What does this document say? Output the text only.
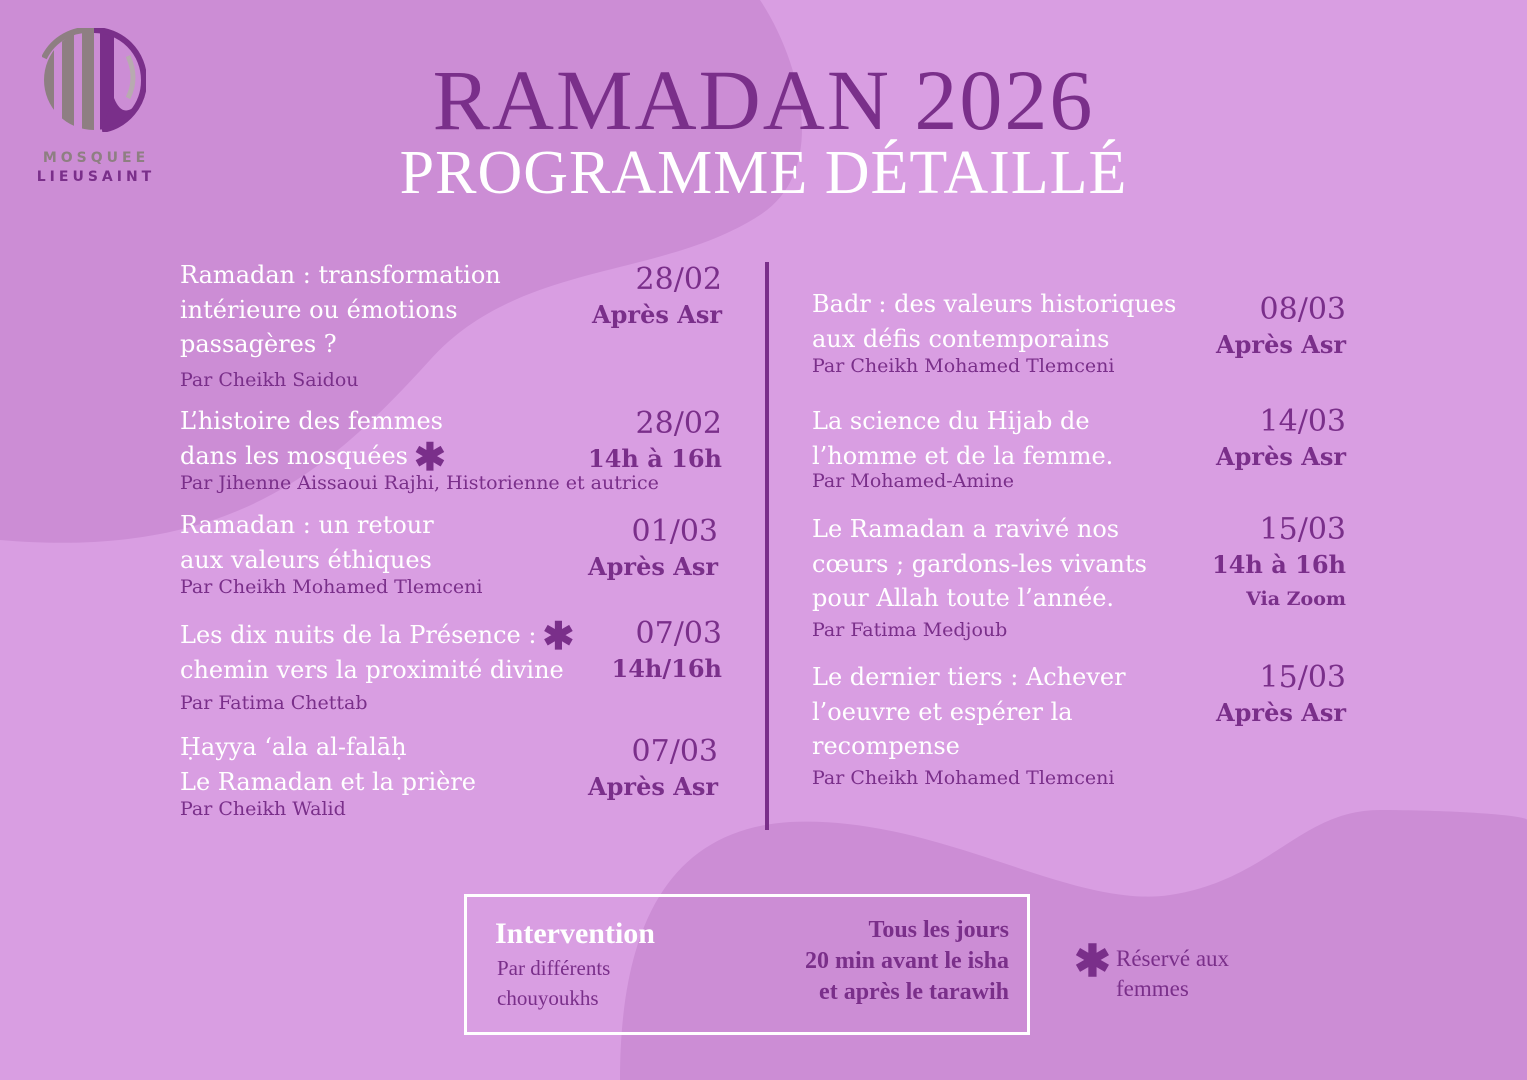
MOSQUEE
LIEUSAINT
RAMADAN 2026
PROGRAMME DÉTAILLÉ
Ramadan : transformation
intérieure ou émotions
passagères ?
Par Cheikh Saidou
28/02
Après Asr
L’histoire des femmes
dans les mosquées ✱
Par Jihenne Aissaoui Rajhi, Historienne et autrice
28/02
14h à 16h
Ramadan : un retour
aux valeurs éthiques
Par Cheikh Mohamed Tlemceni
01/03
Après Asr
Les dix nuits de la Présence : ✱
chemin vers la proximité divine
Par Fatima Chettab
07/03
14h/16h
Ḥayya ‘ala al-falāḥ
Le Ramadan et la prière
Par Cheikh Walid
07/03
Après Asr
Badr : des valeurs historiques
aux défis contemporains
Par Cheikh Mohamed Tlemceni
08/03
Après Asr
La science du Hijab de
l’homme et de la femme.
Par Mohamed-Amine
14/03
Après Asr
Le Ramadan a ravivé nos
cœurs ; gardons-les vivants
pour Allah toute l’année.
Par Fatima Medjoub
15/03
14h à 16h
Via Zoom
Le dernier tiers : Achever
l’oeuvre et espérer la
recompense
Par Cheikh Mohamed Tlemceni
15/03
Après Asr
Intervention
Par différents
chouyoukhs
Tous les jours
20 min avant le isha
et après le tarawih
✱ Réservé aux femmes
